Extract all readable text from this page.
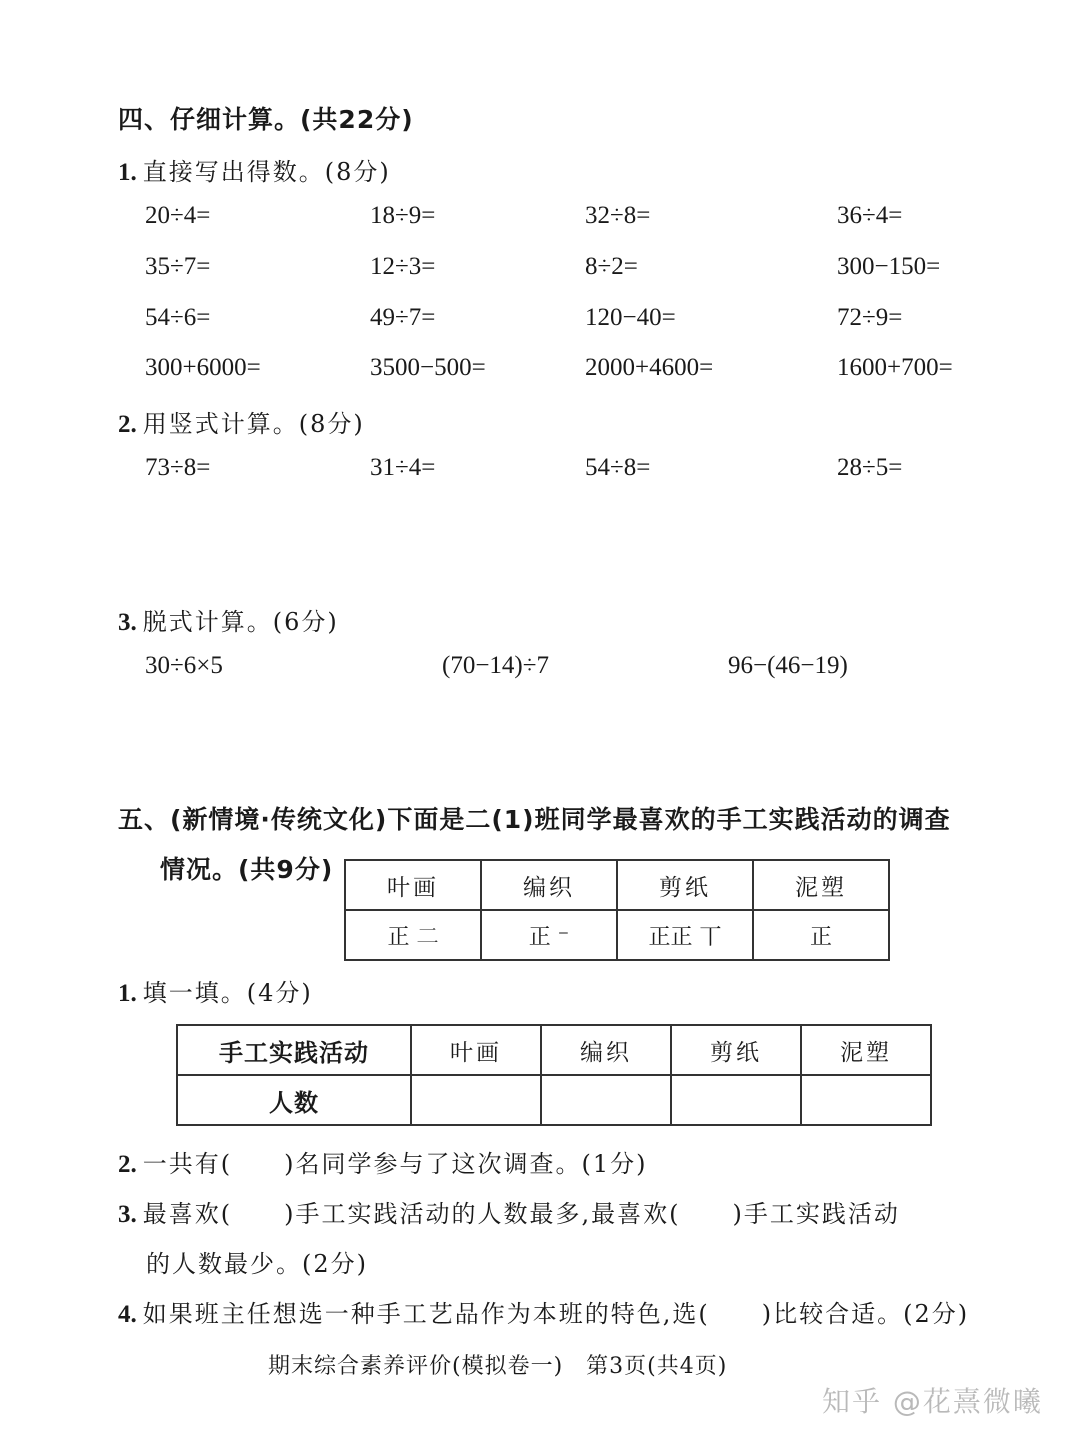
四、仔细计算。(共22分)
1. 直接写出得数。(8分)
20÷4=	18÷9=	32÷8=	36÷4=
35÷7=	12÷3=	8÷2=	300−150=
54÷6=	49÷7=	120−40=	72÷9=
300+6000=	3500−500=	2000+4600=	1600+700=
2. 用竖式计算。(8分)
73÷8=	31÷4=	54÷8=	28÷5=
3. 脱式计算。(6分)
30÷6×5	(70−14)÷7	96−(46−19)
五、(新情境·传统文化)下面是二(1)班同学最喜欢的手工实践活动的调查
情况。(共9分)
叶画	编织	剪纸	泥塑
正 𠄞	正 ⁻	正正 丅	正
1. 填一填。(4分)
手工实践活动	叶画	编织	剪纸	泥塑
人数				
2. 一共有(　　)名同学参与了这次调查。(1分)
3. 最喜欢(　　)手工实践活动的人数最多,最喜欢(　　)手工实践活动
的人数最少。(2分)
4. 如果班主任想选一种手工艺品作为本班的特色,选(　　)比较合适。(2分)
期末综合素养评价(模拟卷一)　第3页(共4页)
知乎 @花熹微曦
